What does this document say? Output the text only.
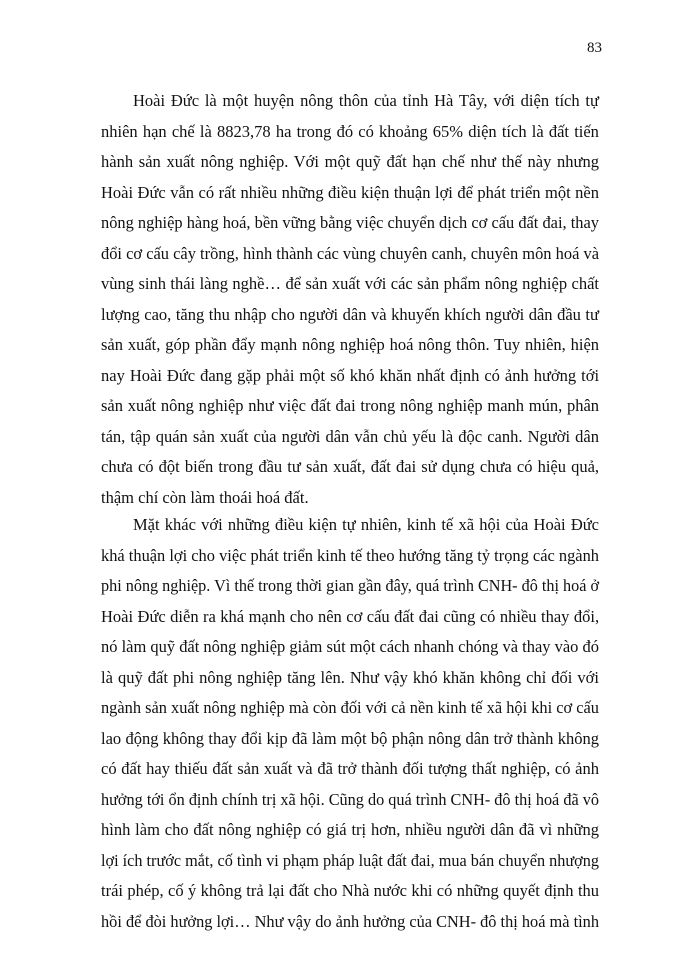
83
Hoài Đức là một huyện nông thôn của tỉnh Hà Tây, với diện tích tự
nhiên hạn chế là 8823,78 ha trong đó có khoảng 65% diện tích là đất tiến
hành sản xuất nông nghiệp. Với một quỹ đất hạn chế như thế này nhưng
Hoài Đức vẫn có rất nhiều những điều kiện thuận lợi để phát triển một nền
nông nghiệp hàng hoá, bền vững bằng việc chuyển dịch cơ cấu đất đai, thay
đổi cơ cấu cây trồng, hình thành các vùng chuyên canh, chuyên môn hoá và
vùng sinh thái làng nghề… để sản xuất với các sản phẩm nông nghiệp chất
lượng cao, tăng thu nhập cho người dân và khuyến khích người dân đầu tư
sản xuất, góp phần đẩy mạnh nông nghiệp hoá nông thôn. Tuy nhiên, hiện
nay Hoài Đức đang gặp phải một số khó khăn nhất định có ảnh hưởng tới
sản xuất nông nghiệp như việc đất đai trong nông nghiệp manh mún, phân
tán, tập quán sản xuất của người dân vẫn chủ yếu là độc canh. Người dân
chưa có đột biến trong đầu tư sản xuất, đất đai sử dụng chưa có hiệu quả,
thậm chí còn làm thoái hoá đất.
Mặt khác với những điều kiện tự nhiên, kinh tế xã hội của Hoài Đức
khá thuận lợi cho việc phát triển kinh tế theo hướng tăng tỷ trọng các ngành
phi nông nghiệp. Vì thế trong thời gian gần đây, quá trình CNH- đô thị hoá ở
Hoài Đức diễn ra khá mạnh cho nên cơ cấu đất đai cũng có nhiều thay đổi,
nó làm quỹ đất nông nghiệp giảm sút một cách nhanh chóng và thay vào đó
là quỹ đất phi nông nghiệp tăng lên. Như vậy khó khăn không chỉ đối với
ngành sản xuất nông nghiệp mà còn đối với cả nền kinh tế xã hội khi cơ cấu
lao động không thay đổi kịp đã làm một bộ phận nông dân trở thành không
có đất hay thiếu đất sản xuất và đã trở thành đối tượng thất nghiệp, có ảnh
hưởng tới ổn định chính trị xã hội. Cũng do quá trình CNH- đô thị hoá đã vô
hình làm cho đất nông nghiệp có giá trị hơn, nhiều người dân đã vì những
lợi ích trước mắt, cố tình vi phạm pháp luật đất đai, mua bán chuyển nhượng
trái phép, cố ý không trả lại đất cho Nhà nước khi có những quyết định thu
hồi để đòi hưởng lợi… Như vậy do ảnh hưởng của CNH- đô thị hoá mà tình
